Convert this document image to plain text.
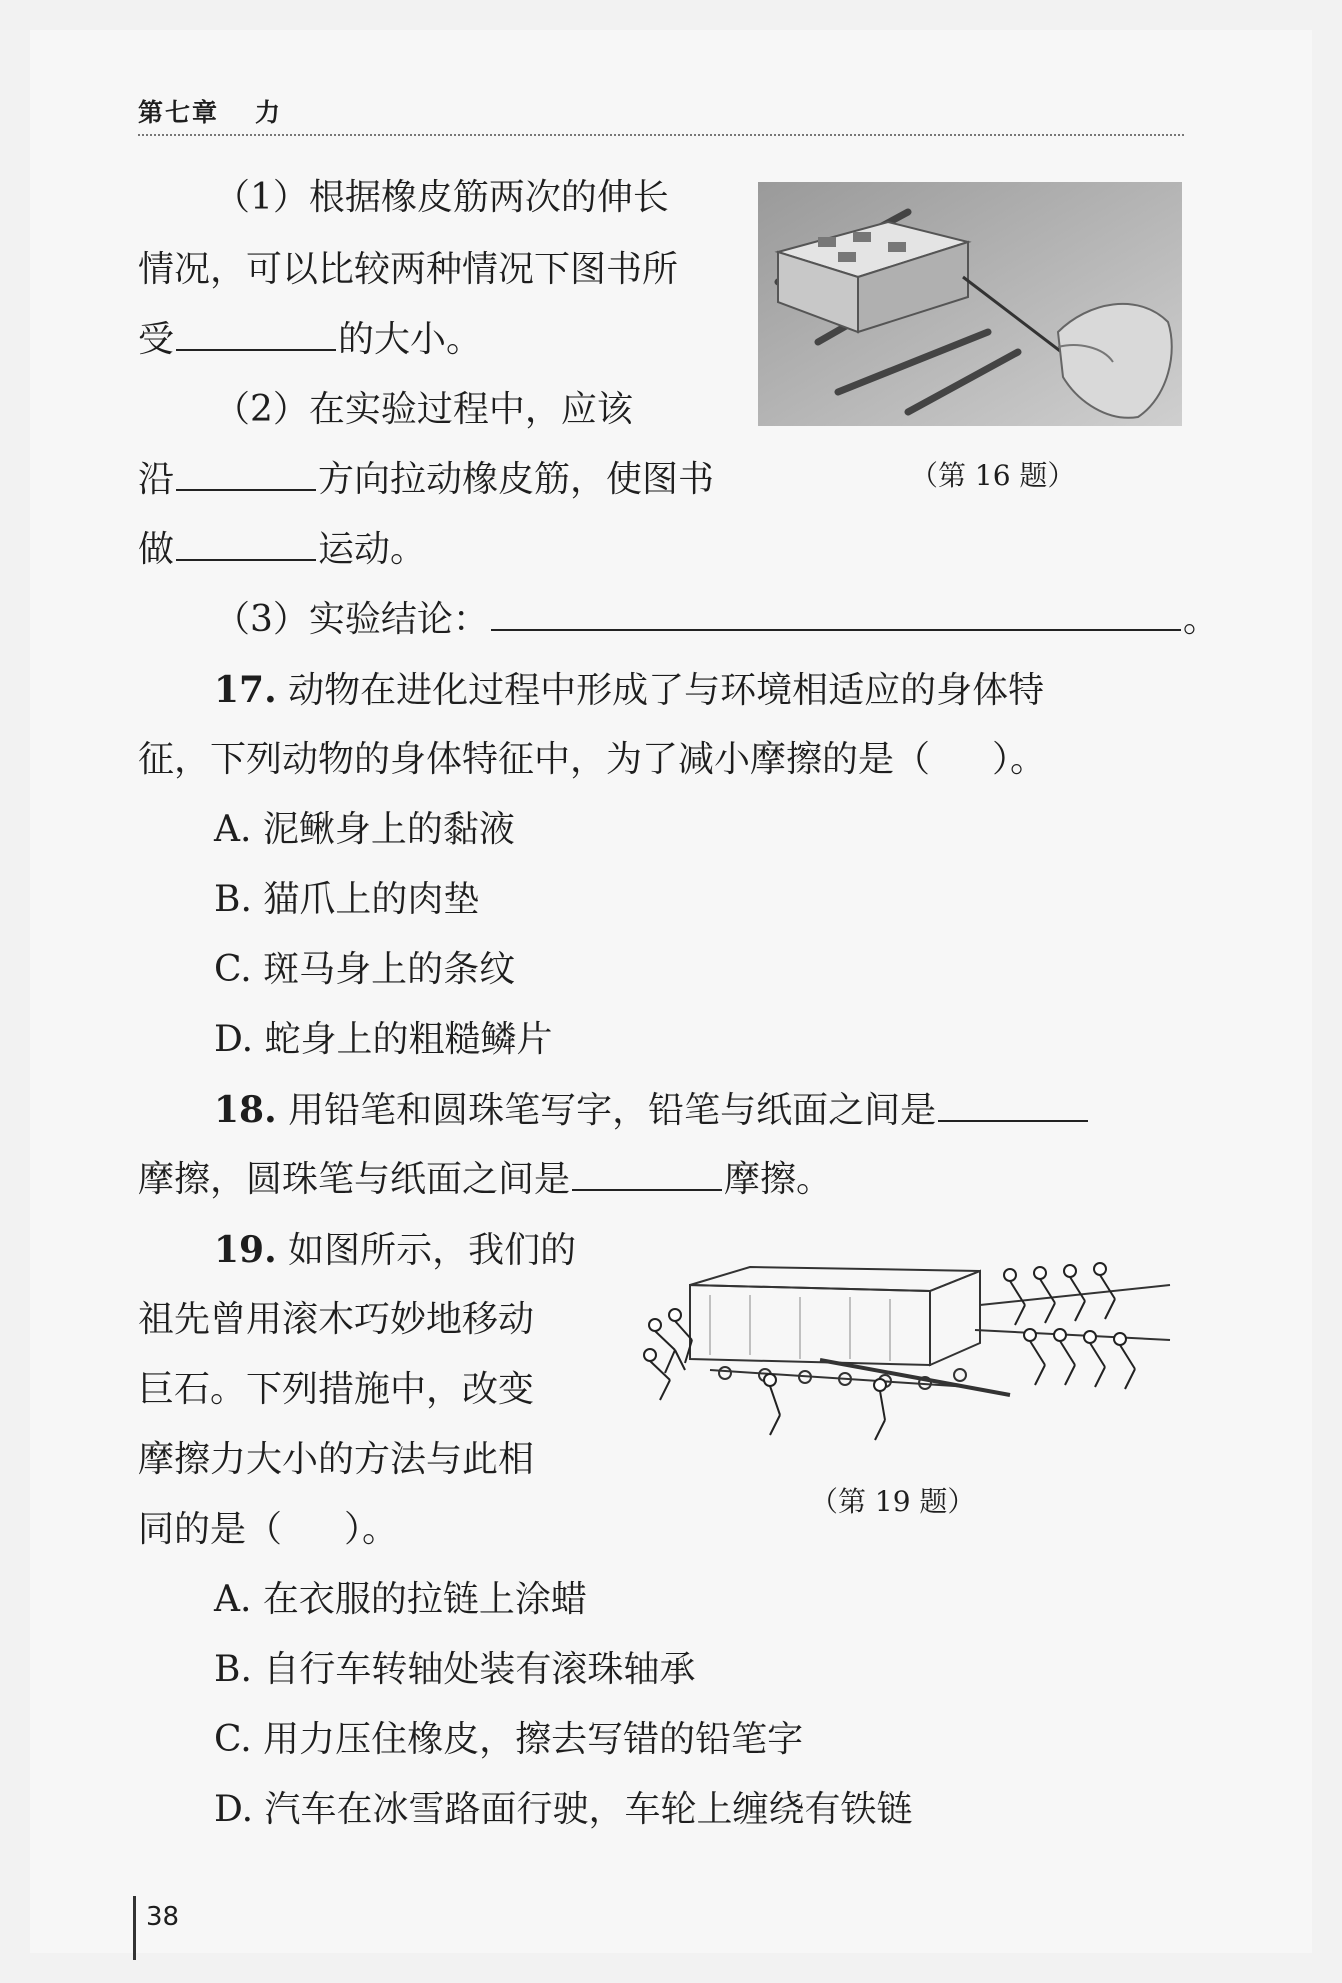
第七章 力
（1）根据橡皮筋两次的伸长
情况，可以比较两种情况下图书所
受	的大小。
（2）在实验过程中，应该
沿	方向拉动橡皮筋，使图书
做	运动。
（3）实验结论：	。
（第 16 题）
17. 动物在进化过程中形成了与环境相适应的身体特
征，下列动物的身体特征中，为了减小摩擦的是（ ）。
A. 泥鳅身上的黏液
B. 猫爪上的肉垫
C. 斑马身上的条纹
D. 蛇身上的粗糙鳞片
18. 用铅笔和圆珠笔写字，铅笔与纸面之间是
摩擦，圆珠笔与纸面之间是	摩擦。
19. 如图所示，我们的
祖先曾用滚木巧妙地移动
巨石。下列措施中，改变
摩擦力大小的方法与此相
同的是（ ）。
（第 19 题）
A. 在衣服的拉链上涂蜡
B. 自行车转轴处装有滚珠轴承
C. 用力压住橡皮，擦去写错的铅笔字
D. 汽车在冰雪路面行驶，车轮上缠绕有铁链
38
